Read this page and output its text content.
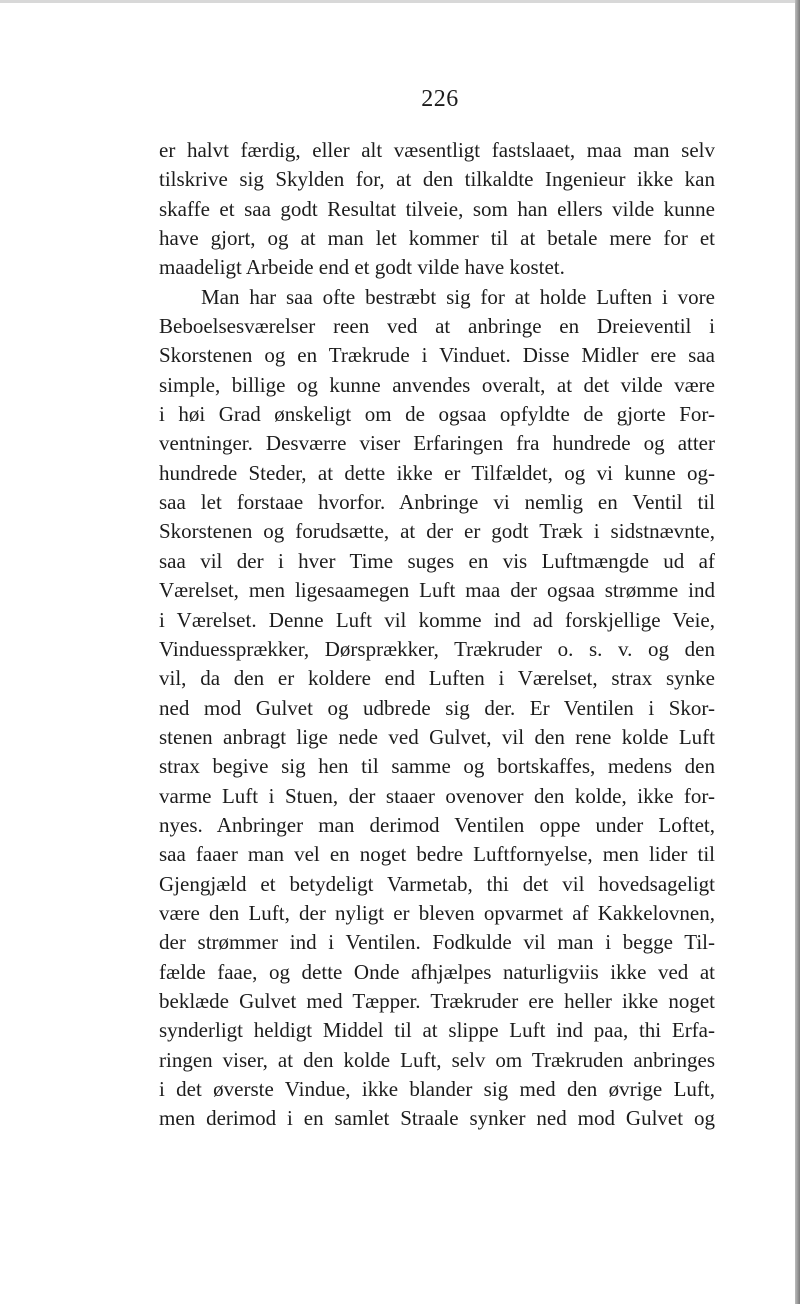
226
er halvt færdig, eller alt væsentligt fastslaaet, maa man selv
tilskrive sig Skylden for, at den tilkaldte Ingenieur ikke kan
skaffe et saa godt Resultat tilveie, som han ellers vilde kunne
have gjort, og at man let kommer til at betale mere for et
maadeligt Arbeide end et godt vilde have kostet.
Man har saa ofte bestræbt sig for at holde Luften i vore
Beboelsesværelser reen ved at anbringe en Dreieventil i
Skorstenen og en Trækrude i Vinduet. Disse Midler ere saa
simple, billige og kunne anvendes overalt, at det vilde være
i høi Grad ønskeligt om de ogsaa opfyldte de gjorte For-
ventninger. Desværre viser Erfaringen fra hundrede og atter
hundrede Steder, at dette ikke er Tilfældet, og vi kunne og-
saa let forstaae hvorfor. Anbringe vi nemlig en Ventil til
Skorstenen og forudsætte, at der er godt Træk i sidstnævnte,
saa vil der i hver Time suges en vis Luftmængde ud af
Værelset, men ligesaamegen Luft maa der ogsaa strømme ind
i Værelset. Denne Luft vil komme ind ad forskjellige Veie,
Vinduessprækker, Dørsprækker, Trækruder o. s. v. og den
vil, da den er koldere end Luften i Værelset, strax synke
ned mod Gulvet og udbrede sig der. Er Ventilen i Skor-
stenen anbragt lige nede ved Gulvet, vil den rene kolde Luft
strax begive sig hen til samme og bortskaffes, medens den
varme Luft i Stuen, der staaer ovenover den kolde, ikke for-
nyes. Anbringer man derimod Ventilen oppe under Loftet,
saa faaer man vel en noget bedre Luftfornyelse, men lider til
Gjengjæld et betydeligt Varmetab, thi det vil hovedsageligt
være den Luft, der nyligt er bleven opvarmet af Kakkelovnen,
der strømmer ind i Ventilen. Fodkulde vil man i begge Til-
fælde faae, og dette Onde afhjælpes naturligviis ikke ved at
beklæde Gulvet med Tæpper. Trækruder ere heller ikke noget
synderligt heldigt Middel til at slippe Luft ind paa, thi Erfa-
ringen viser, at den kolde Luft, selv om Trækruden anbringes
i det øverste Vindue, ikke blander sig med den øvrige Luft,
men derimod i en samlet Straale synker ned mod Gulvet og
